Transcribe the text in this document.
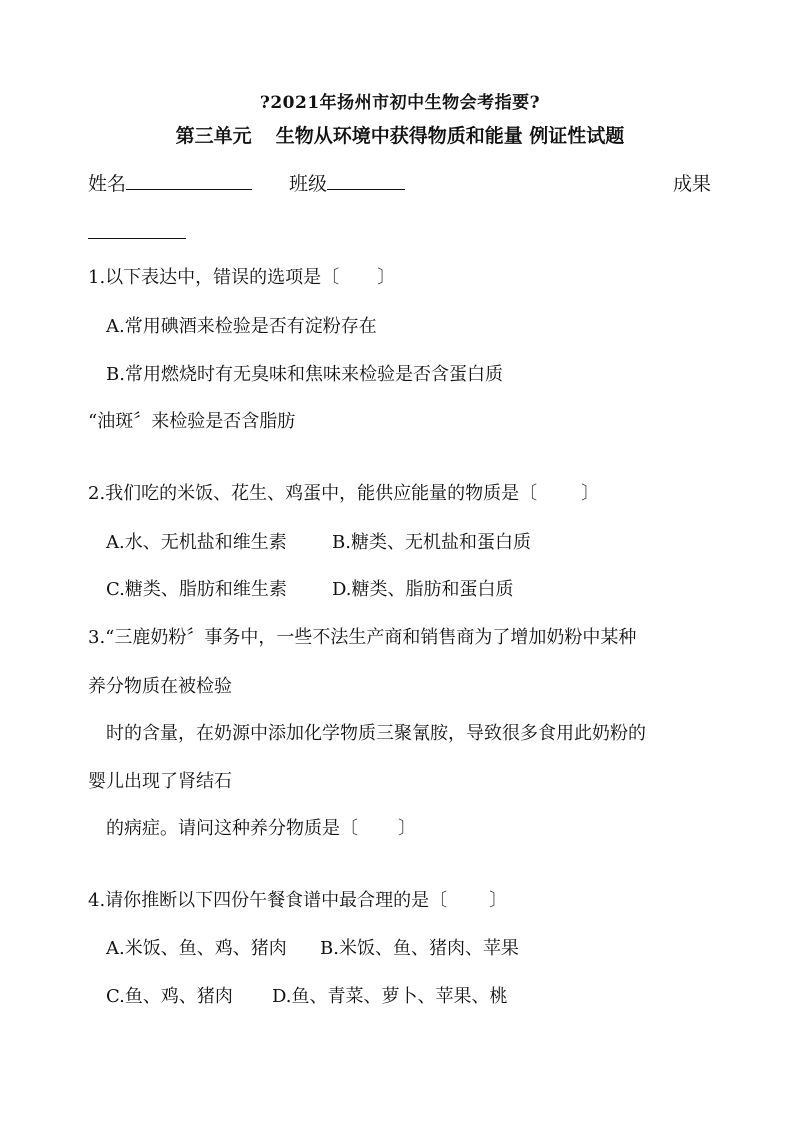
?2021年扬州市初中生物会考指要?
第三单元 生物从环境中获得物质和能量 例证性试题
姓名	班级	成果
1.以下表达中，错误的选项是〔 〕
A.常用碘酒来检验是否有淀粉存在
B.常用燃烧时有无臭味和焦味来检验是否含蛋白质
“油斑〞来检验是否含脂肪
2.我们吃的米饭、花生、鸡蛋中，能供应能量的物质是〔 〕
A.水、无机盐和维生素	B.糖类、无机盐和蛋白质
C.糖类、脂肪和维生素	D.糖类、脂肪和蛋白质
3.“三鹿奶粉〞事务中，一些不法生产商和销售商为了增加奶粉中某种
养分物质在被检验
时的含量，在奶源中添加化学物质三聚氰胺，导致很多食用此奶粉的
婴儿出现了肾结石
的病症。请问这种养分物质是〔 〕
4.请你推断以下四份午餐食谱中最合理的是〔 〕
A.米饭、鱼、鸡、猪肉 B.米饭、鱼、猪肉、苹果
C.鱼、鸡、猪肉 D.鱼、青菜、萝卜、苹果、桃
